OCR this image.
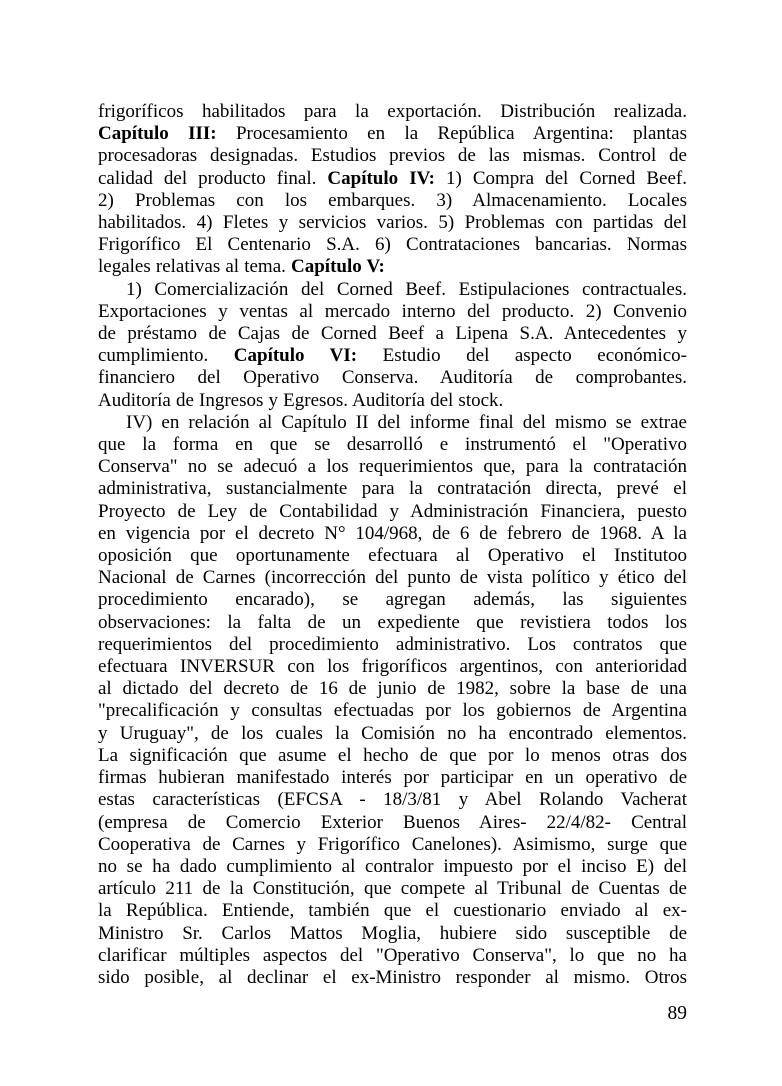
frigoríficos habilitados para la exportación. Distribución realizada.
Capítulo III: Procesamiento en la República Argentina: plantas
procesadoras designadas. Estudios previos de las mismas. Control de
calidad del producto final. Capítulo IV: 1) Compra del Corned Beef.
2) Problemas con los embarques. 3) Almacenamiento. Locales
habilitados. 4) Fletes y servicios varios. 5) Problemas con partidas del
Frigorífico El Centenario S.A. 6) Contrataciones bancarias. Normas
legales relativas al tema. Capítulo V:
1) Comercialización del Corned Beef. Estipulaciones contractuales.
Exportaciones y ventas al mercado interno del producto. 2) Convenio
de préstamo de Cajas de Corned Beef a Lipena S.A. Antecedentes y
cumplimiento. Capítulo VI: Estudio del aspecto económico-
financiero del Operativo Conserva. Auditoría de comprobantes.
Auditoría de Ingresos y Egresos. Auditoría del stock.
IV) en relación al Capítulo II del informe final del mismo se extrae
que la forma en que se desarrolló e instrumentó el "Operativo
Conserva" no se adecuó a los requerimientos que, para la contratación
administrativa, sustancialmente para la contratación directa, prevé el
Proyecto de Ley de Contabilidad y Administración Financiera, puesto
en vigencia por el decreto N° 104/968, de 6 de febrero de 1968. A la
oposición que oportunamente efectuara al Operativo el Institutoo
Nacional de Carnes (incorrección del punto de vista político y ético del
procedimiento encarado), se agregan además, las siguientes
observaciones: la falta de un expediente que revistiera todos los
requerimientos del procedimiento administrativo. Los contratos que
efectuara INVERSUR con los frigoríficos argentinos, con anterioridad
al dictado del decreto de 16 de junio de 1982, sobre la base de una
"precalificación y consultas efectuadas por los gobiernos de Argentina
y Uruguay", de los cuales la Comisión no ha encontrado elementos.
La significación que asume el hecho de que por lo menos otras dos
firmas hubieran manifestado interés por participar en un operativo de
estas características (EFCSA - 18/3/81 y Abel Rolando Vacherat
(empresa de Comercio Exterior Buenos Aires- 22/4/82- Central
Cooperativa de Carnes y Frigorífico Canelones). Asimismo, surge que
no se ha dado cumplimiento al contralor impuesto por el inciso E) del
artículo 211 de la Constitución, que compete al Tribunal de Cuentas de
la República. Entiende, también que el cuestionario enviado al ex-
Ministro Sr. Carlos Mattos Moglia, hubiere sido susceptible de
clarificar múltiples aspectos del "Operativo Conserva", lo que no ha
sido posible, al declinar el ex-Ministro responder al mismo. Otros
89
